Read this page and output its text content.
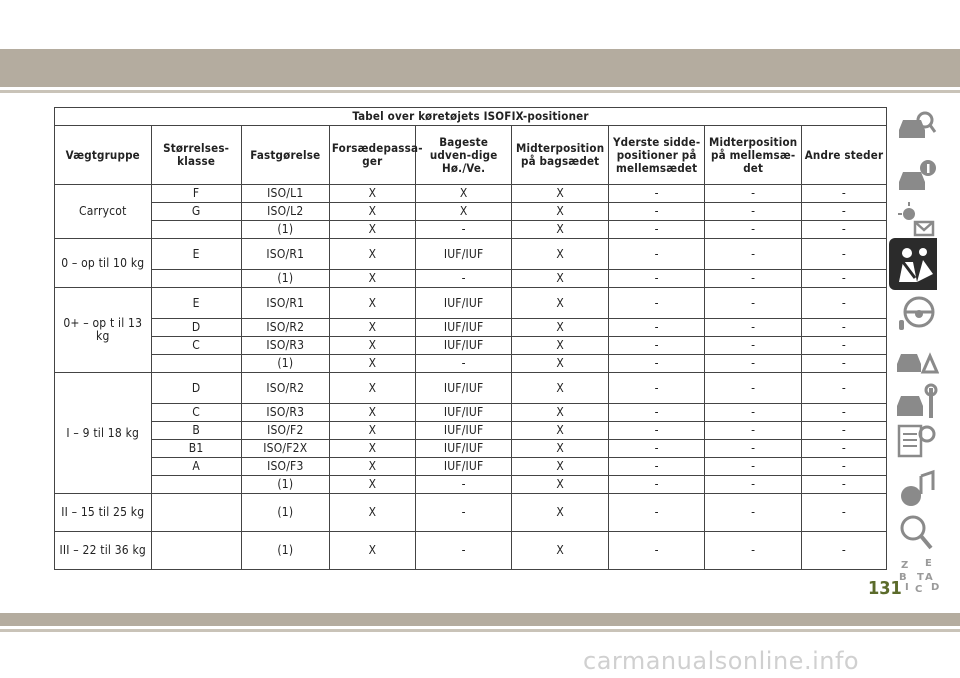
Tabel over køretøjets ISOFIX-positioner								
Vægtgruppe	Størrelses-klasse	Fastgørelse	Forsædepassa-ger	Bageste udven-dige Hø./Ve.	Midterposition på bagsædet	Yderste sidde-positioner på mellemsædet	Midterposition på mellemsæ-det	Andre steder
Carrycot	F	ISO/L1	X	X	X	-	-	-
	G	ISO/L2	X	X	X	-	-	-
		(1)	X	-	X	-	-	-
0 – op til 10 kg	E	ISO/R1	X	IUF/IUF	X	-	-	-
		(1)	X	-	X	-	-	-
0+ – op t il 13 kg	E	ISO/R1	X	IUF/IUF	X	-	-	-
	D	ISO/R2	X	IUF/IUF	X	-	-	-
	C	ISO/R3	X	IUF/IUF	X	-	-	-
		(1)	X	-	X	-	-	-
I – 9 til 18 kg	D	ISO/R2	X	IUF/IUF	X	-	-	-
	C	ISO/R3	X	IUF/IUF	X	-	-	-
	B	ISO/F2	X	IUF/IUF	X	-	-	-
	B1	ISO/F2X	X	IUF/IUF	X	-	-	-
	A	ISO/F3	X	IUF/IUF	X	-	-	-
		(1)	X	-	X	-	-	-
II – 15 til 25 kg		(1)	X	-	X	-	-	-
III – 22 til 36 kg		(1)	X	-	X	-	-	-
Z E
B A
I C
T
D
131
carmanualsonline.info
